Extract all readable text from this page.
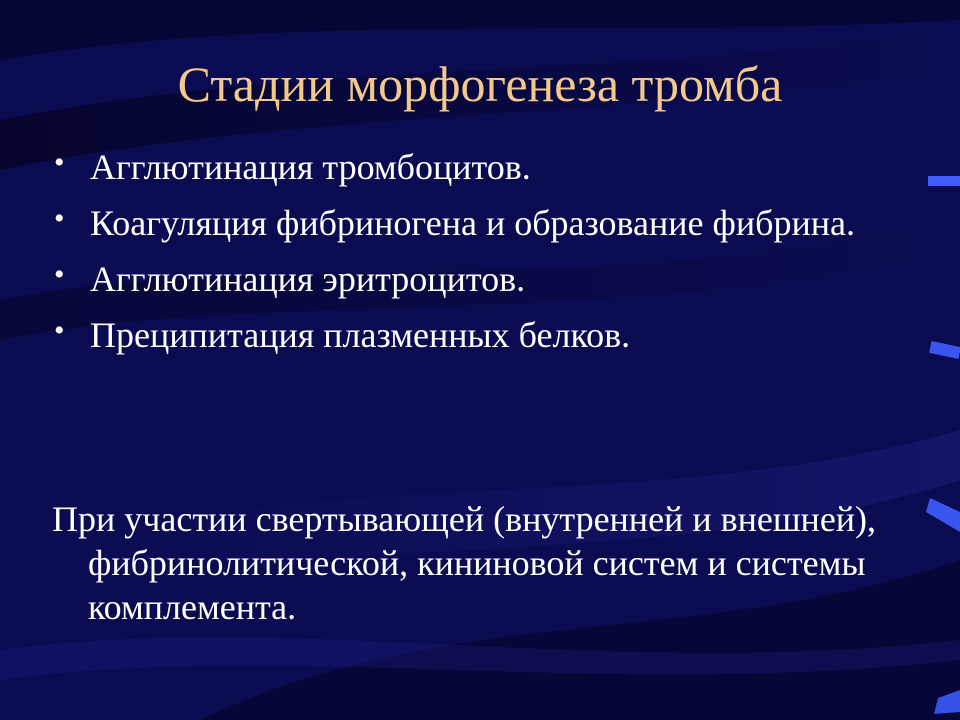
Стадии морфогенеза тромба
• Агглютинация тромбоцитов.
• Коагуляция фибриногена и образование фибрина.
• Агглютинация эритроцитов.
• Преципитация плазменных белков.

При участии свертывающей (внутренней и внешней), фибринолитической, кининовой систем и системы комплемента.
